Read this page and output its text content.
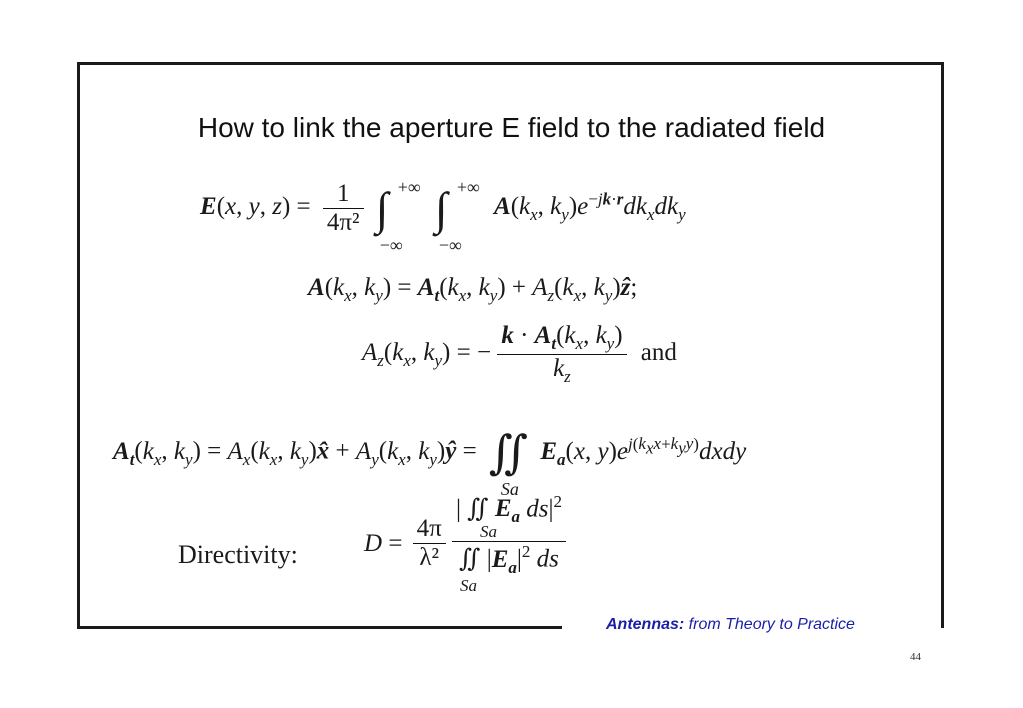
How to link the aperture E field to the radiated field
E(x, y, $z) = \frac{1}{\text{4π²}}$ ∫ +∞
−∞
∫ +∞
−∞
$A(k_x$, $k_y)e^{-jk\cdot r}dk_xdk_y$
$A(k_x$, $k_y) = A_t(k_x$, $k_y) + A_z(k_x$, $k_y)ẑ$;
$A_z(k_x$, $k_y$) = − $\frac{k \cdot A_t(k_x, k_y)}{k_z}$ and
$A_t(k_x$, $k_y) = A_x(k_x$, $k_y)x̂ + A_y(k_x$, $k_y)ŷ$ = ∬
Sa
$E_a(x$, $y)e^{j(k_xx+k_yy)}dxdy$
Directivity:	$D = \frac{4\pi}{\text{λ²}}$
| ∬ $E_a$ $ds|^2$
Sa
∬ $|E_a|^2$ ds
Sa
Antennas: from Theory to Practice
44
